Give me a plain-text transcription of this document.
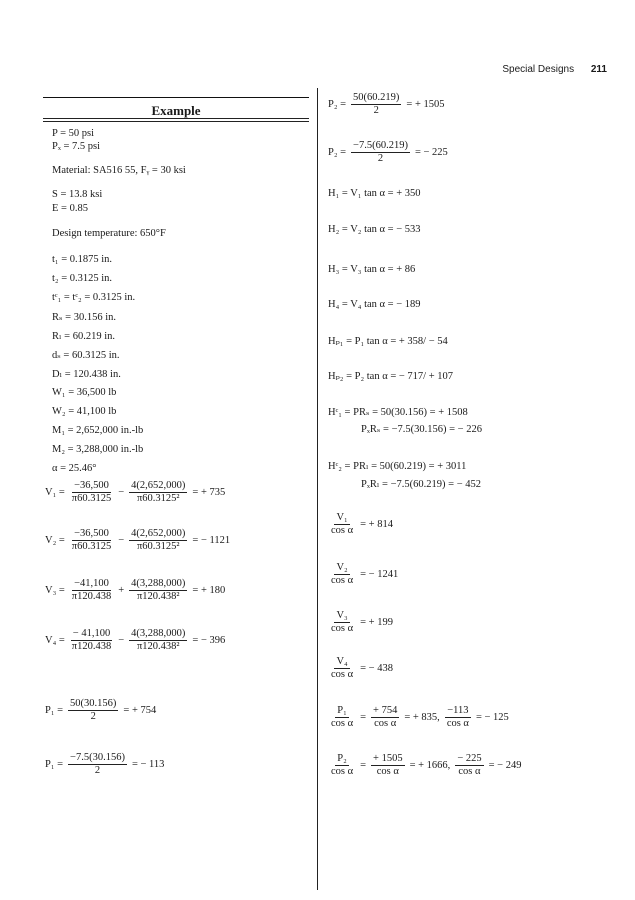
Special Designs 211
Example
P = 50 psi
Pₓ = 7.5 psi
Material: SA516 55, Fᵧ = 30 ksi
S = 13.8 ksi
E = 0.85
Design temperature: 650°F
t₁ = 0.1875 in.
t₂ = 0.3125 in.
tᶜ₁ = tᶜ₂ = 0.3125 in.
Rₛ = 30.156 in.
Rₗ = 60.219 in.
dₛ = 60.3125 in.
Dₗ = 120.438 in.
W₁ = 36,500 lb
W₂ = 41,100 lb
M₁ = 2,652,000 in.-lb
M₂ = 3,288,000 in.-lb
α = 25.46°
$V_1 = \frac{-36,500}{\pi 60.3125} - \frac{4(2,652,000)}{\text{π60.3125²}}$ = + 735
$V_2 = \frac{-36,500}{\pi 60.3125} - \frac{4(2,652,000)}{\text{π60.3125²}}$ = − 1121
$V_3 = \frac{-41,100}{\pi 120.438} + \frac{4(3,288,000)}{\text{π120.438²}}$ = + 180
$V_4 = \frac{- 41,100}{\pi 120.438} - \frac{4(3,288,000)}{\text{π120.438²}}$ = − 396
$P_1 = \frac{50(30.156)}{2}$ = + 754
$P_1 = \frac{-7.5(30.156)}{2}$ = − 113
$P_2 = \frac{50(60.219)}{2}$ = + 1505
$P_2 = \frac{-7.5(60.219)}{2}$ = − 225
H₁ = V₁ tan α = + 350
H₂ = V₂ tan α = − 533
H₃ = V₃ tan α = + 86
H₄ = V₄ tan α = − 189
Hₚ₁ = P₁ tan α = + 358/ − 54
Hₚ₂ = P₂ tan α = − 717/ + 107
Hᶜ₁ = PRₛ = 50(30.156) = + 1508
PₓRₛ = −7.5(30.156) = − 226
Hᶜ₂ = PRₗ = 50(60.219) = + 3011
PₓRₗ = −7.5(60.219) = − 452
$\frac{\text{V₁}}{\text{cos α}}$ = + 814
$\frac{\text{V₂}}{\text{cos α}}$ = − 1241
$\frac{\text{V₃}}{\text{cos α}}$ = + 199
$\frac{\text{V₄}}{\text{cos α}}$ = − 438
$\frac{\text{P₁}}{\text{cos α}} = \frac{+ 754}{\text{cos α}}$ = + 835, $\frac{-113}{\text{cos α}}$ = − 125
$\frac{\text{P₂}}{\text{cos α}} = \frac{+ 1505}{\text{cos α}}$ = + 1666, $\frac{- 225}{\text{cos α}}$ = − 249
